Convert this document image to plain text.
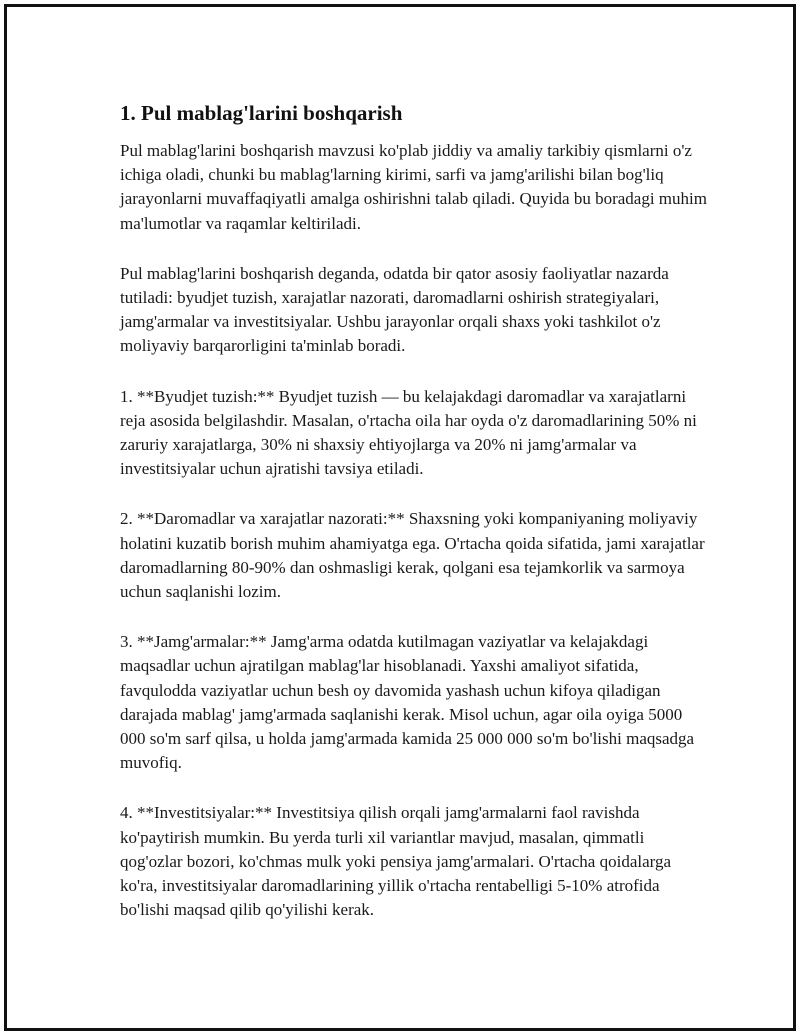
1. Pul mablag'larini boshqarish

Pul mablag'larini boshqarish mavzusi ko'plab jiddiy va amaliy tarkibiy qismlarni o'z ichiga oladi, chunki bu mablag'larning kirimi, sarfi va jamg'arilishi bilan bog'liq jarayonlarni muvaffaqiyatli amalga oshirishni talab qiladi. Quyida bu boradagi muhim ma'lumotlar va raqamlar keltiriladi.

Pul mablag'larini boshqarish deganda, odatda bir qator asosiy faoliyatlar nazarda tutiladi: byudjet tuzish, xarajatlar nazorati, daromadlarni oshirish strategiyalari, jamg'armalar va investitsiyalar. Ushbu jarayonlar orqali shaxs yoki tashkilot o'z moliyaviy barqarorligini ta'minlab boradi.

1. **Byudjet tuzish:** Byudjet tuzish — bu kelajakdagi daromadlar va xarajatlarni reja asosida belgilashdir. Masalan, o'rtacha oila har oyda o'z daromadlarining 50% ni zaruriy xarajatlarga, 30% ni shaxsiy ehtiyojlarga va 20% ni jamg'armalar va investitsiyalar uchun ajratishi tavsiya etiladi.

2. **Daromadlar va xarajatlar nazorati:** Shaxsning yoki kompaniyaning moliyaviy holatini kuzatib borish muhim ahamiyatga ega. O'rtacha qoida sifatida, jami xarajatlar daromadlarning 80-90% dan oshmasligi kerak, qolgani esa tejamkorlik va sarmoya uchun saqlanishi lozim.

3. **Jamg'armalar:** Jamg'arma odatda kutilmagan vaziyatlar va kelajakdagi maqsadlar uchun ajratilgan mablag'lar hisoblanadi. Yaxshi amaliyot sifatida, favqulodda vaziyatlar uchun besh oy davomida yashash uchun kifoya qiladigan darajada mablag' jamg'armada saqlanishi kerak. Misol uchun, agar oila oyiga 5000 000 so'm sarf qilsa, u holda jamg'armada kamida 25 000 000 so'm bo'lishi maqsadga muvofiq.

4. **Investitsiyalar:** Investitsiya qilish orqali jamg'armalarni faol ravishda ko'paytirish mumkin. Bu yerda turli xil variantlar mavjud, masalan, qimmatli qog'ozlar bozori, ko'chmas mulk yoki pensiya jamg'armalari. O'rtacha qoidalarga ko'ra, investitsiyalar daromadlarining yillik o'rtacha rentabelligi 5-10% atrofida bo'lishi maqsad qilib qo'yilishi kerak.
